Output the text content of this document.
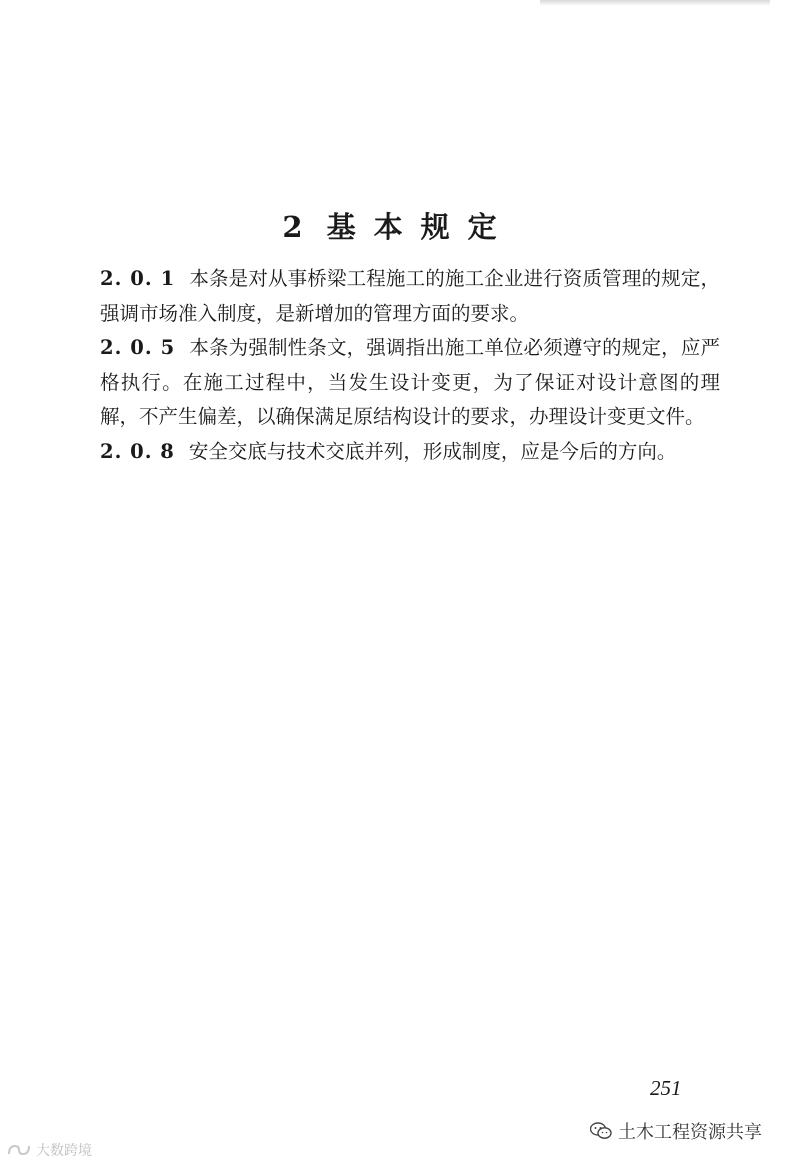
2 基本规定

2. 0. 1 本条是对从事桥梁工程施工的施工企业进行资质管理的规定，强调市场准入制度，是新增加的管理方面的要求。

2. 0. 5 本条为强制性条文，强调指出施工单位必须遵守的规定，应严格执行。在施工过程中，当发生设计变更，为了保证对设计意图的理解，不产生偏差，以确保满足原结构设计的要求，办理设计变更文件。

2. 0. 8 安全交底与技术交底并列，形成制度，应是今后的方向。

251
土木工程资源共享
大数跨境
